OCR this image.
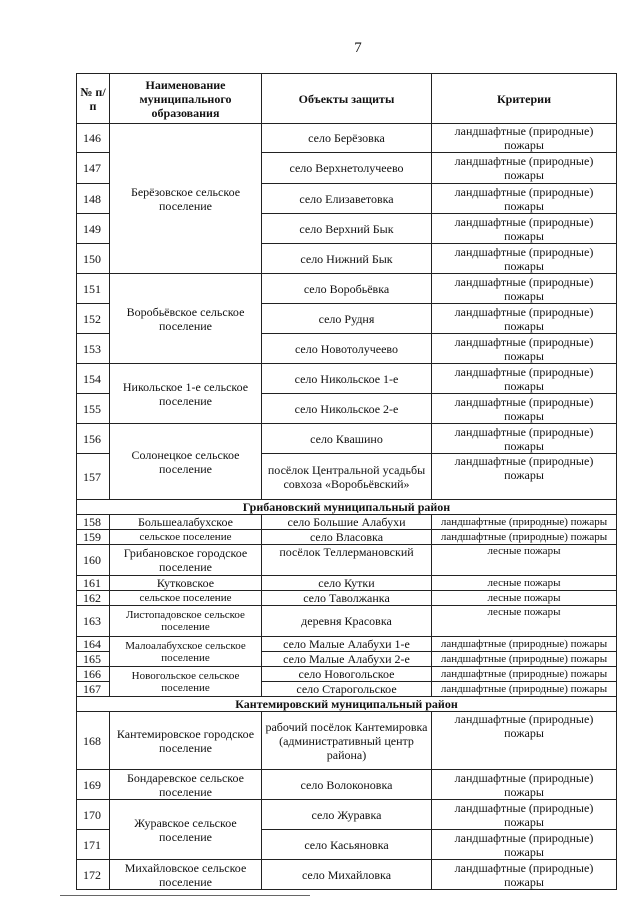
7
№ п/п	Наименование муниципального образования	Объекты защиты	Критерии
146	Берёзовское сельское поселение	село Берёзовка	ландшафтные (природные) пожары
147		село Верхнетолучеево	ландшафтные (природные) пожары
148		село Елизаветовка	ландшафтные (природные) пожары
149		село Верхний Бык	ландшафтные (природные) пожары
150		село Нижний Бык	ландшафтные (природные) пожары
151	Воробьёвское сельское поселение	село Воробьёвка	ландшафтные (природные) пожары
152		село Рудня	ландшафтные (природные) пожары
153		село Новотолучеево	ландшафтные (природные) пожары
154	Никольское 1-е сельское поселение	село Никольское 1-е	ландшафтные (природные) пожары
155		село Никольское 2-е	ландшафтные (природные) пожары
156	Солонецкое сельское поселение	село Квашино	ландшафтные (природные) пожары
157		посёлок Центральной усадьбы совхоза «Воробьёвский»	ландшафтные (природные) пожары
Грибановский муниципальный район			
158	Большеалабухское	село Большие Алабухи	ландшафтные (природные) пожары
159	сельское поселение	село Власовка	ландшафтные (природные) пожары
160	Грибановское городское поселение	посёлок Теллермановский	лесные пожары
161	Кутковское	село Кутки	лесные пожары
162	сельское поселение	село Таволжанка	лесные пожары
163	Листопадовское сельское поселение	деревня Красовка	лесные пожары
164	Малоалабухское сельское поселение	село Малые Алабухи 1-е	ландшафтные (природные) пожары
165		село Малые Алабухи 2-е	ландшафтные (природные) пожары
166	Новогольское сельское поселение	село Новогольское	ландшафтные (природные) пожары
167		село Старогольское	ландшафтные (природные) пожары
Кантемировский муниципальный район			
168	Кантемировское городское поселение	рабочий посёлок Кантемировка (административный центр района)	ландшафтные (природные) пожары
169	Бондаревское сельское поселение	село Волоконовка	ландшафтные (природные) пожары
170	Журавское сельское поселение	село Журавка	ландшафтные (природные) пожары
171		село Касьяновка	ландшафтные (природные) пожары
172	Михайловское сельское поселение	село Михайловка	ландшафтные (природные) пожары
